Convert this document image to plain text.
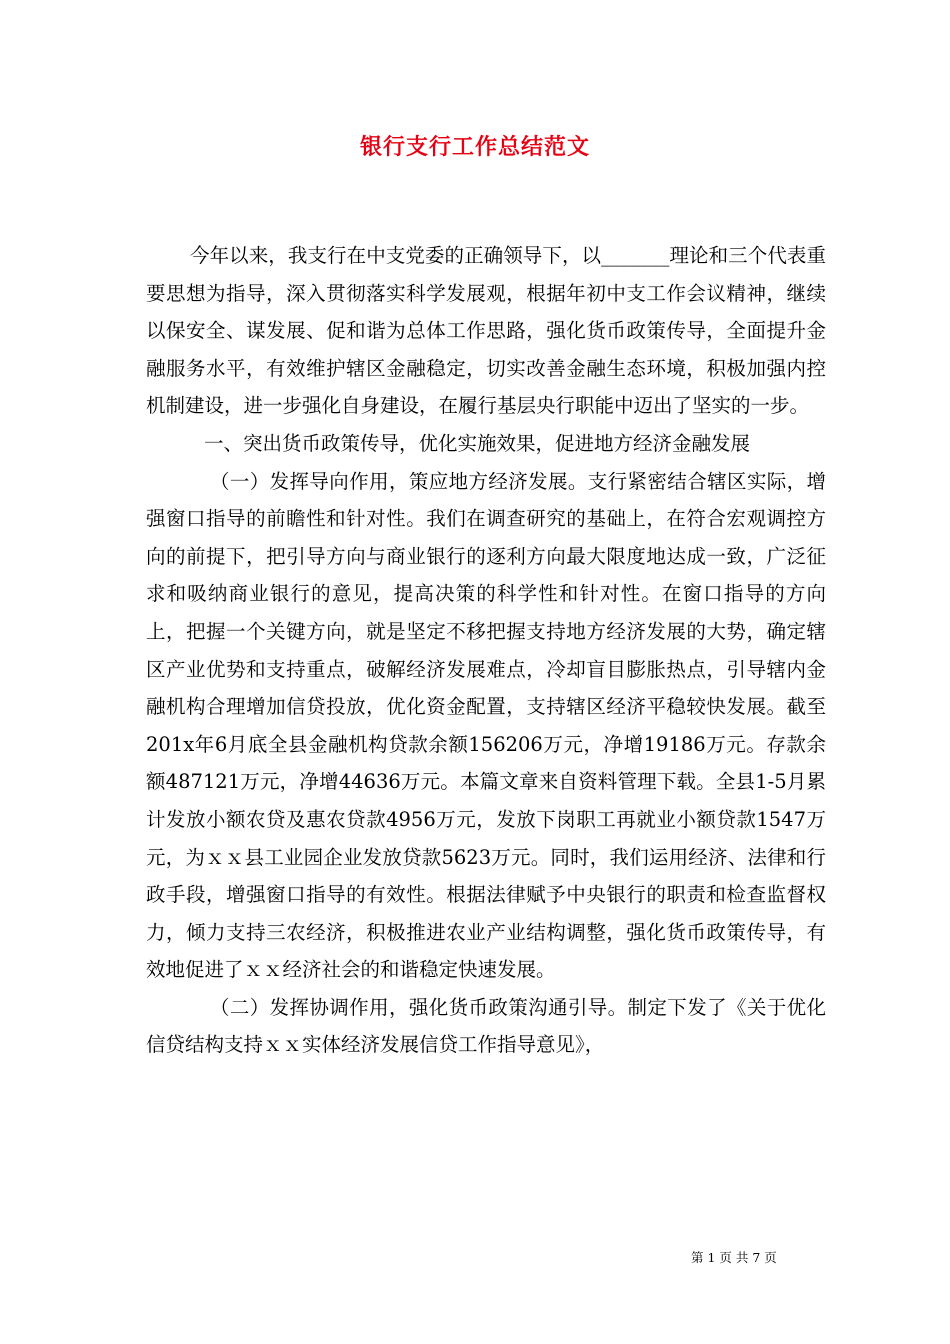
银行支行工作总结范文

今年以来，我支行在中支党委的正确领导下，以_______理论和三个代表重要思想为指导，深入贯彻落实科学发展观，根据年初中支工作会议精神，继续以保安全、谋发展、促和谐为总体工作思路，强化货币政策传导，全面提升金融服务水平，有效维护辖区金融稳定，切实改善金融生态环境，积极加强内控机制建设，进一步强化自身建设，在履行基层央行职能中迈出了坚实的一步。

一、突出货币政策传导，优化实施效果，促进地方经济金融发展

（一）发挥导向作用，策应地方经济发展。支行紧密结合辖区实际，增强窗口指导的前瞻性和针对性。我们在调查研究的基础上，在符合宏观调控方向的前提下，把引导方向与商业银行的逐利方向最大限度地达成一致，广泛征求和吸纳商业银行的意见，提高决策的科学性和针对性。在窗口指导的方向上，把握一个关键方向，就是坚定不移把握支持地方经济发展的大势，确定辖区产业优势和支持重点，破解经济发展难点，冷却盲目膨胀热点，引导辖内金融机构合理增加信贷投放，优化资金配置，支持辖区经济平稳较快发展。截至201x年6月底全县金融机构贷款余额156206万元，净增19186万元。存款余额487121万元，净增44636万元。本篇文章来自资料管理下载。全县1-5月累计发放小额农贷及惠农贷款4956万元，发放下岗职工再就业小额贷款1547万元，为ｘｘ县工业园企业发放贷款5623万元。同时，我们运用经济、法律和行政手段，增强窗口指导的有效性。根据法律赋予中央银行的职责和检查监督权力，倾力支持三农经济，积极推进农业产业结构调整，强化货币政策传导，有效地促进了ｘｘ经济社会的和谐稳定快速发展。

（二）发挥协调作用，强化货币政策沟通引导。制定下发了《关于优化信贷结构支持ｘｘ实体经济发展信贷工作指导意见》，

第 1 页 共 7 页
